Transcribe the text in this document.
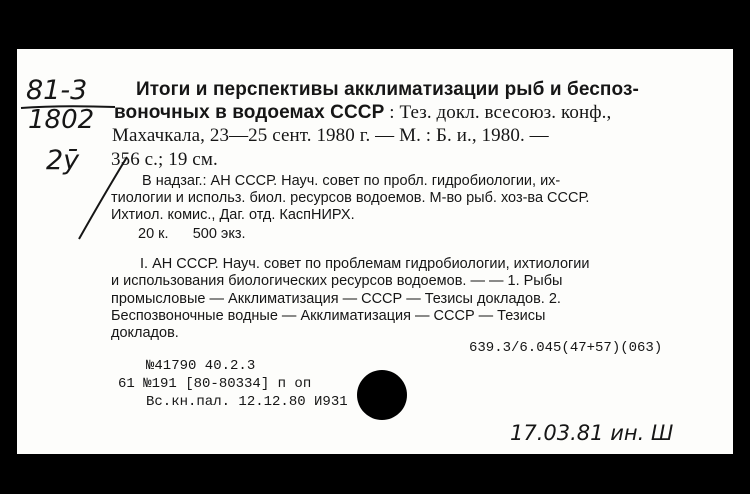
81-3
1802
2ӯ
Итоги и перспективы акклиматизации рыб и беспоз-
воночных в водоемах СССР : Тез. докл. всесоюз. конф.,
Махачкала, 23—25 сент. 1980 г. — М. : Б. и., 1980. —
356 с.; 19 см.
В надзаг.: АН СССР. Науч. совет по пробл. гидробиологии, их-
тиологии и использ. биол. ресурсов водоемов. М-во рыб. хоз-ва СССР.
Ихтиол. комис., Даг. отд. КаспНИРХ.
20 к.      500 экз.
I. АН СССР. Науч. совет по проблемам гидробиологии, ихтиологии
и использования биологических ресурсов водоемов. — — 1. Рыбы
промысловые — Акклиматизация — СССР — Тезисы докладов. 2.
Беспозвоночные водные — Акклиматизация — СССР — Тезисы
докладов.
639.3/6.045(47+57)(063)
№41790 40.2.3
61 №191 [80-80334] п оп
Вс.кн.пал. 12.12.80 И931
17.03.81 ин. Ш
